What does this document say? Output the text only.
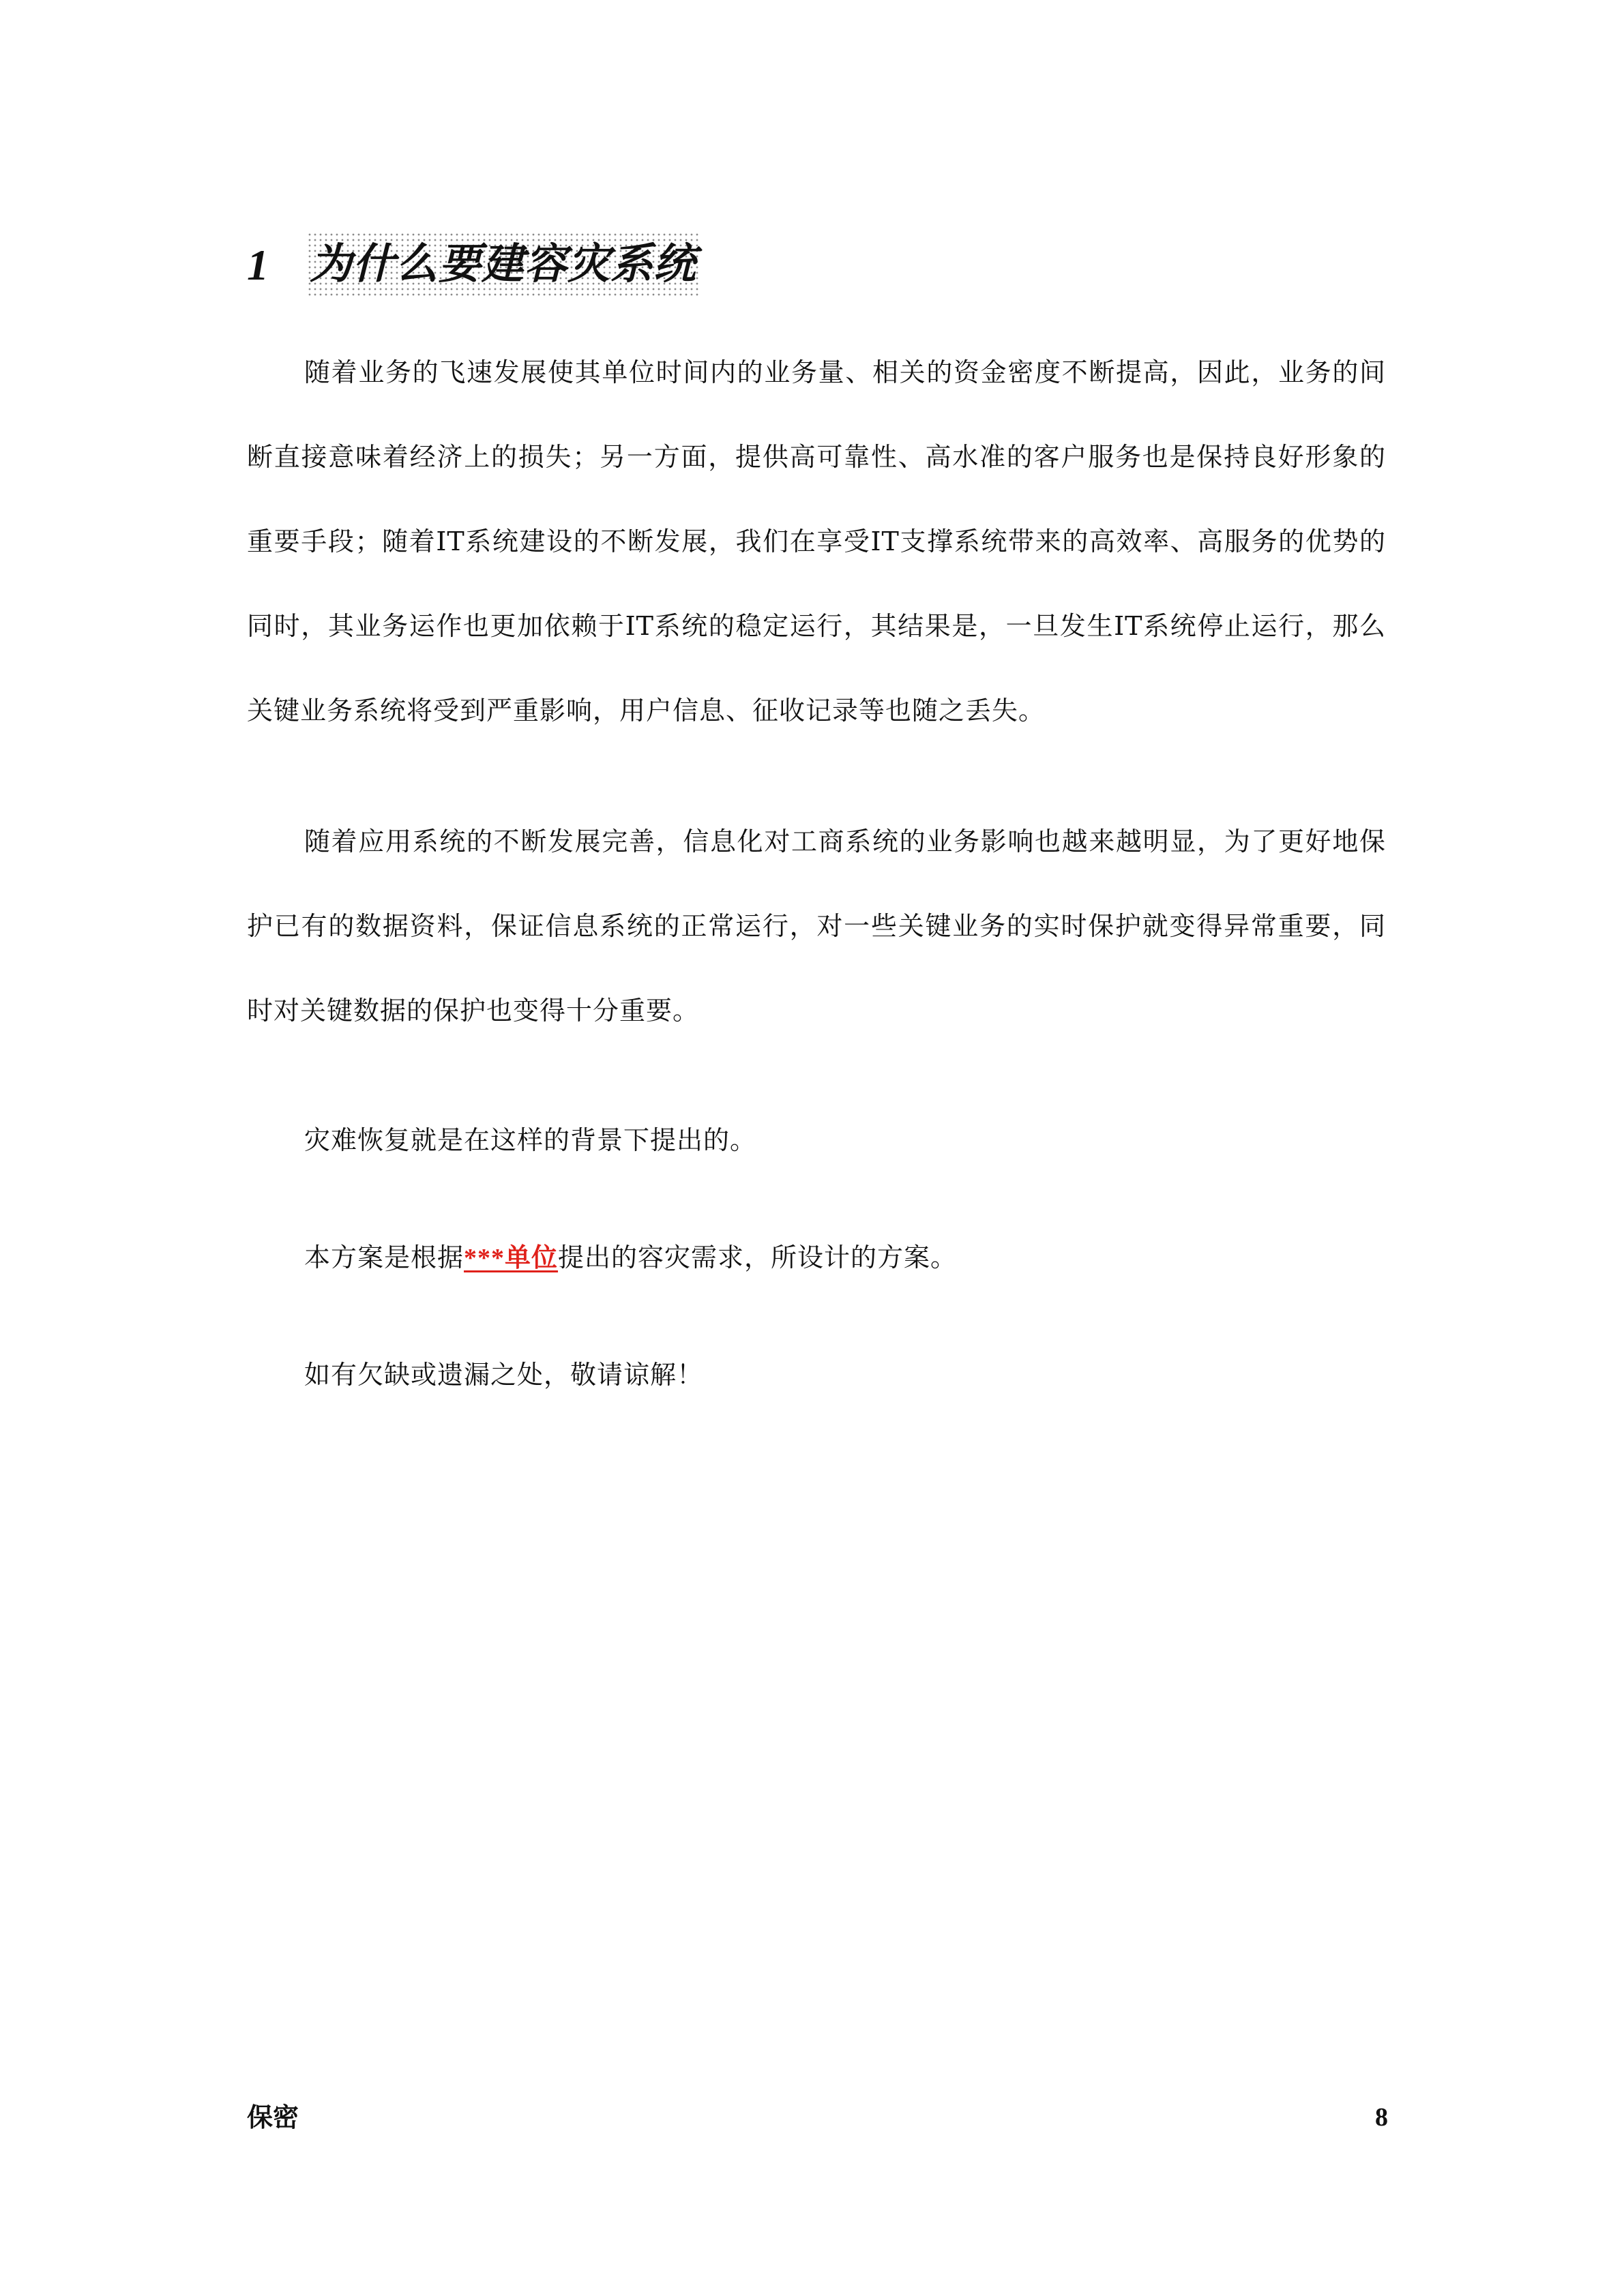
1 为什么要建容灾系统

随着业务的飞速发展使其单位时间内的业务量、相关的资金密度不断提高，因此，业务的间断直接意味着经济上的损失；另一方面，提供高可靠性、高水准的客户服务也是保持良好形象的重要手段；随着IT系统建设的不断发展，我们在享受IT支撑系统带来的高效率、高服务的优势的同时，其业务运作也更加依赖于IT系统的稳定运行，其结果是，一旦发生IT系统停止运行，那么关键业务系统将受到严重影响，用户信息、征收记录等也随之丢失。

随着应用系统的不断发展完善，信息化对工商系统的业务影响也越来越明显，为了更好地保护已有的数据资料，保证信息系统的正常运行，对一些关键业务的实时保护就变得异常重要，同时对关键数据的保护也变得十分重要。

灾难恢复就是在这样的背景下提出的。

本方案是根据***单位提出的容灾需求，所设计的方案。

如有欠缺或遗漏之处，敬请谅解！

保密	8
